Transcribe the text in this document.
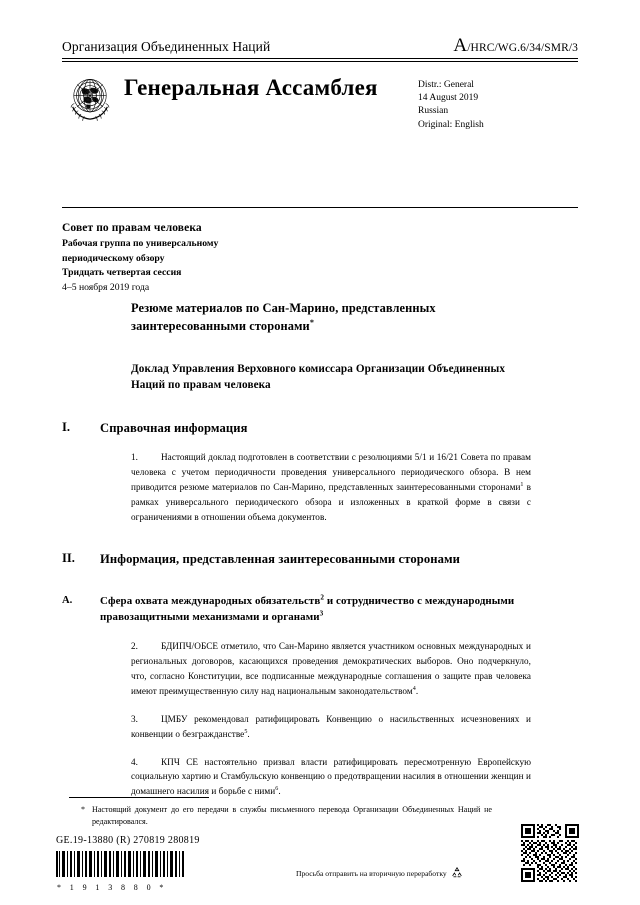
Организация Объединенных Наций	A/HRC/WG.6/34/SMR/3
Генеральная Ассамблея	Distr.: General
14 August 2019
Russian
Original: English
Совет по правам человека
Рабочая группа по универсальному
периодическому обзору
Тридцать четвертая сессия
4–5 ноября 2019 года
Резюме материалов по Сан-Марино, представленных заинтересованными сторонами*
Доклад Управления Верховного комиссара Организации Объединенных Наций по правам человека
I.	Справочная информация
1.	Настоящий доклад подготовлен в соответствии с резолюциями 5/1 и 16/21 Совета по правам человека с учетом периодичности проведения универсального периодического обзора. В нем приводится резюме материалов по Сан-Марино, представленных заинтересованными сторонами$^1$ в рамках универсального периодического обзора и изложенных в краткой форме в связи с ограничениями в отношении объема документов.
II.	Информация, представленная заинтересованными сторонами
A.	Сфера охвата международных обязательств$^2$ и сотрудничество с международными правозащитными механизмами и органами$^3$
2.	БДИПЧ/ОБСЕ отметило, что Сан-Марино является участником основных международных и региональных договоров, касающихся проведения демократических выборов. Оно подчеркнуло, что, согласно Конституции, все подписанные международные соглашения о защите прав человека имеют преимущественную силу над национальным законодательством$^4$.
3.	ЦМБУ рекомендовал ратифицировать Конвенцию о насильственных исчезновениях и конвенции о безгражданстве$^5$.
4.	КПЧ СЕ настоятельно призвал власти ратифицировать пересмотренную Европейскую социальную хартию и Стамбульскую конвенцию о предотвращении насилия в отношении женщин и домашнего насилия и борьбе с ними$^6$.
* Настоящий документ до его передачи в службы письменного перевода Организации Объединенных Наций не редактировался.
GE.19-13880 (R) 270819 280819
* 1 9 1 3 8 8 0 *
Просьба отправить на вторичную переработку
